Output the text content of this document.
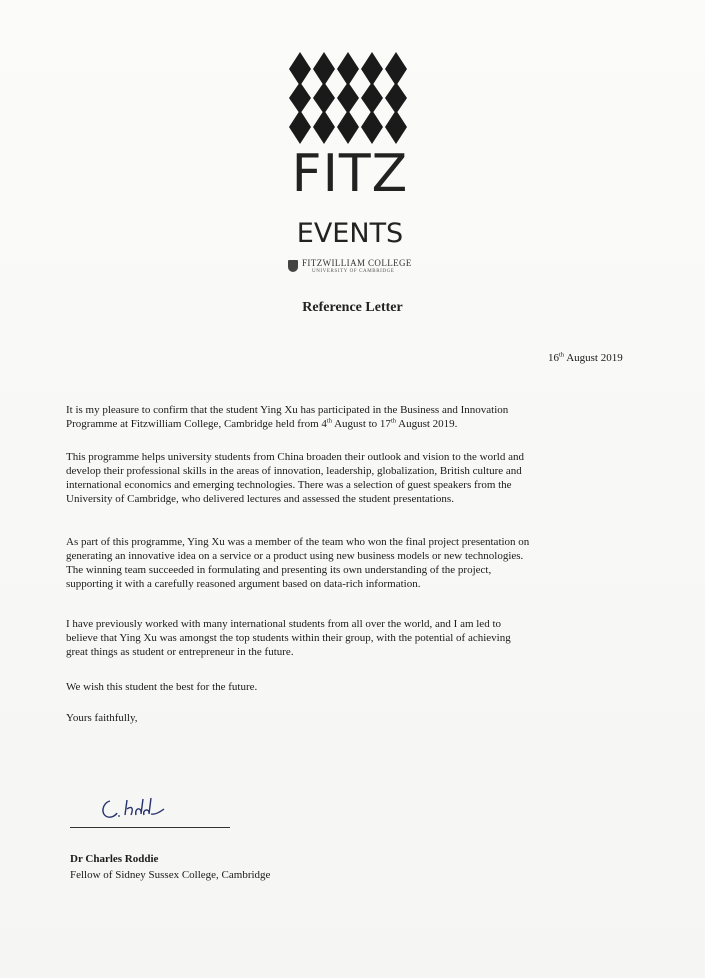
FITZ
EVENTS
FITZWILLIAM COLLEGE
UNIVERSITY OF CAMBRIDGE
Reference Letter
16th August 2019
It is my pleasure to confirm that the student Ying Xu has participated in the Business and Innovation
Programme at Fitzwilliam College, Cambridge held from 4th August to 17th August 2019.
This programme helps university students from China broaden their outlook and vision to the world and
develop their professional skills in the areas of innovation, leadership, globalization, British culture and
international economics and emerging technologies. There was a selection of guest speakers from the
University of Cambridge, who delivered lectures and assessed the student presentations.
As part of this programme, Ying Xu was a member of the team who won the final project presentation on
generating an innovative idea on a service or a product using new business models or new technologies.
The winning team succeeded in formulating and presenting its own understanding of the project,
supporting it with a carefully reasoned argument based on data-rich information.
I have previously worked with many international students from all over the world, and I am led to
believe that Ying Xu was amongst the top students within their group, with the potential of achieving
great things as student or entrepreneur in the future.
We wish this student the best for the future.
Yours faithfully,
Dr Charles Roddie
Fellow of Sidney Sussex College, Cambridge
